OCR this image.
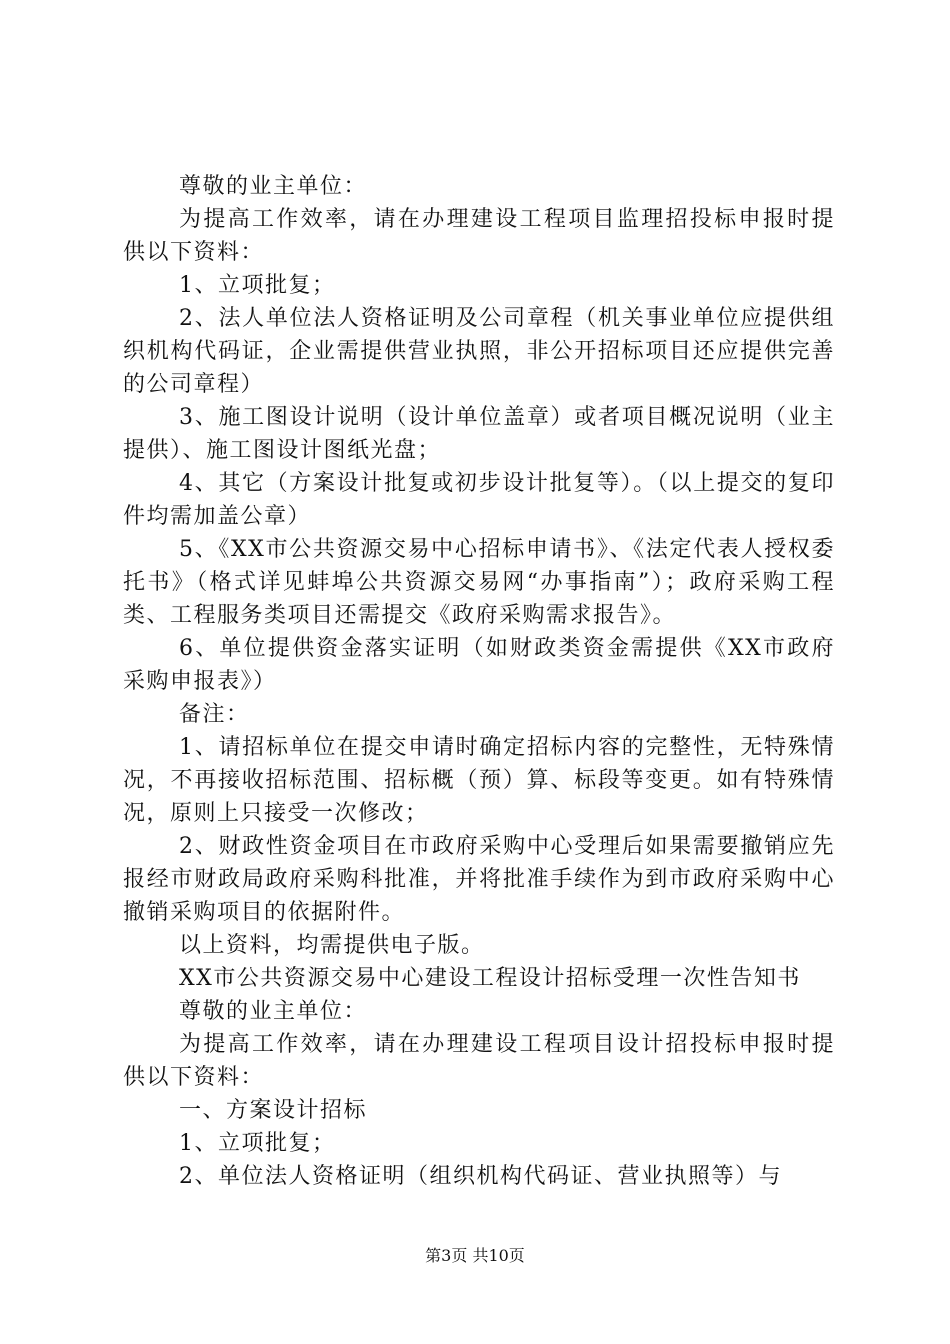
尊敬的业主单位：

为提高工作效率，请在办理建设工程项目监理招投标申报时提供以下资料：

1、立项批复；

2、法人单位法人资格证明及公司章程（机关事业单位应提供组织机构代码证，企业需提供营业执照，非公开招标项目还应提供完善的公司章程）

3、施工图设计说明（设计单位盖章）或者项目概况说明（业主提供）、施工图设计图纸光盘；

4、其它（方案设计批复或初步设计批复等）。（以上提交的复印件均需加盖公章）

5、《XX市公共资源交易中心招标申请书》、《法定代表人授权委托书》（格式详见蚌埠公共资源交易网“办事指南”）；政府采购工程类、工程服务类项目还需提交《政府采购需求报告》。

6、单位提供资金落实证明（如财政类资金需提供《XX市政府采购申报表》）

备注：

1、请招标单位在提交申请时确定招标内容的完整性，无特殊情况，不再接收招标范围、招标概（预）算、标段等变更。如有特殊情况，原则上只接受一次修改；

2、财政性资金项目在市政府采购中心受理后如果需要撤销应先报经市财政局政府采购科批准，并将批准手续作为到市政府采购中心撤销采购项目的依据附件。

以上资料，均需提供电子版。

XX市公共资源交易中心建设工程设计招标受理一次性告知书

尊敬的业主单位：

为提高工作效率，请在办理建设工程项目设计招投标申报时提供以下资料：

一、方案设计招标

1、立项批复；

2、单位法人资格证明（组织机构代码证、营业执照等）与

第3页 共10页
